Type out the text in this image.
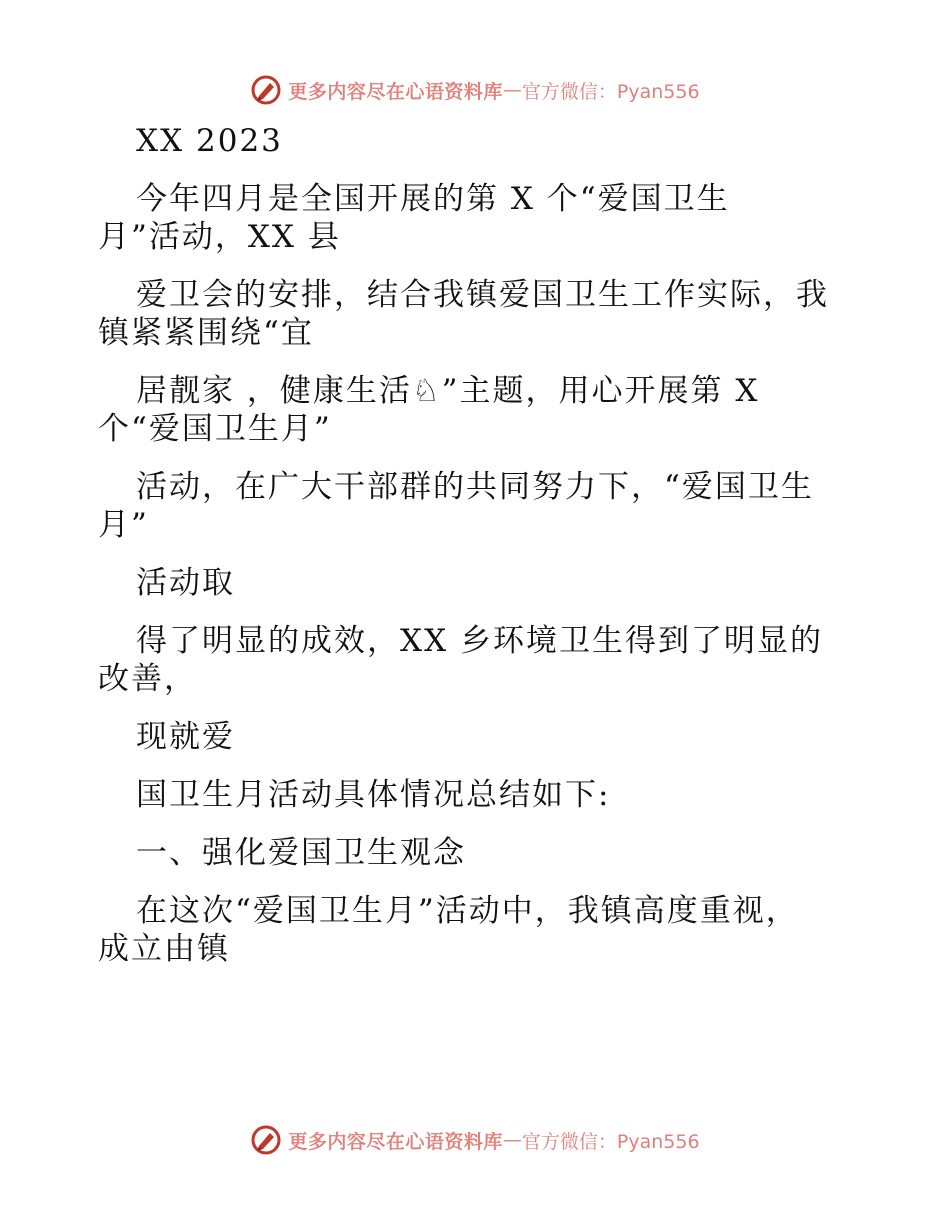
更多内容尽在心语资料库 — 官方微信：Pyan556
XX 2023
今年四月是全国开展的第 X 个“爱国卫生
月”活动，XX 县
爱卫会的安排，结合我镇爱国卫生工作实际，我
镇紧紧围绕“宜
居靓家 ，健康生活♘”主题，用心开展第 X
个“爱国卫生月”
活动，在广大干部群的共同努力下，“爱国卫生
月”
活动取
得了明显的成效，XX 乡环境卫生得到了明显的
改善，
现就爱
国卫生月活动具体情况总结如下:
一、强化爱国卫生观念
在这次“爱国卫生月”活动中，我镇高度重视，
成立由镇
更多内容尽在心语资料库 — 官方微信：Pyan556
